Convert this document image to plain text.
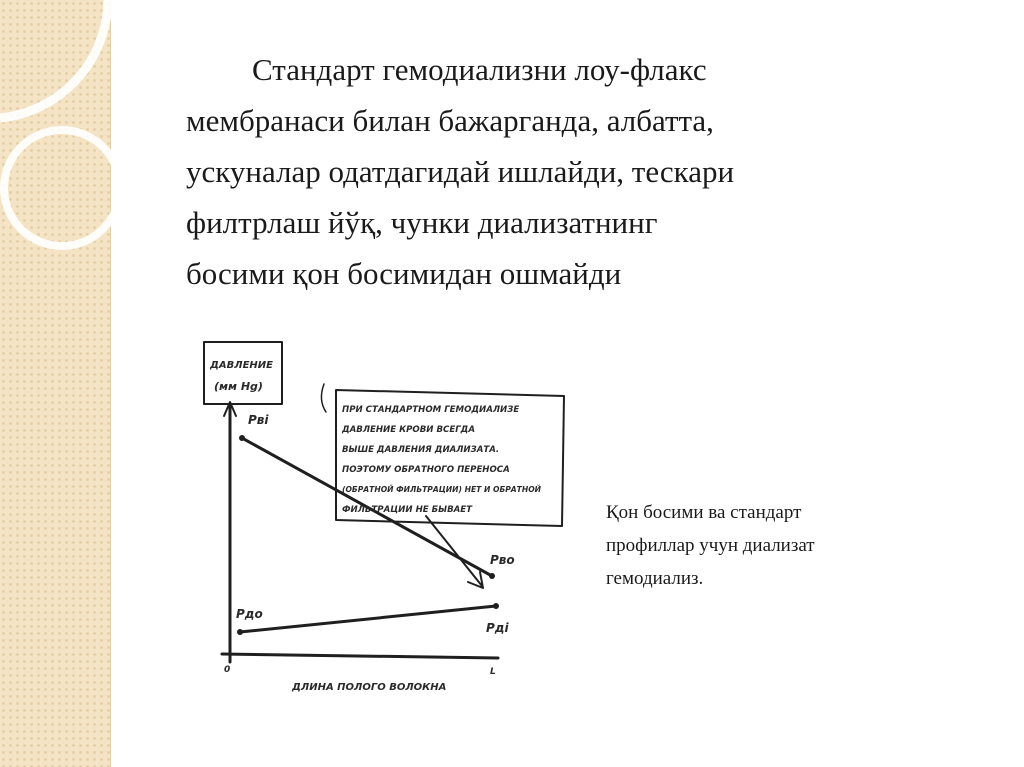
Стандарт гемодиализни лоу-флакс
мембранаси билан бажарганда, албатта,
ускуналар одатдагидай ишлайди, тескари
филтрлаш йўқ, чунки диализатнинг
босими қон босимидан ошмайди

ДАВЛЕНИЕ
(мм Hg)
Pвi
Pво
Pдо
Pдi
ПРИ СТАНДАРТНОМ ГЕМОДИАЛИЗЕ
ДАВЛЕНИЕ КРОВИ ВСЕГДА
ВЫШЕ ДАВЛЕНИЯ ДИАЛИЗАТА.
ПОЭТОМУ ОБРАТНОГО ПЕРЕНОСА
(ОБРАТНОЙ ФИЛЬТРАЦИИ) НЕТ И ОБРАТНОЙ
ФИЛЬТРАЦИИ НЕ БЫВАЕТ
0	L
ДЛИНА ПОЛОГО ВОЛОКНА

Қон босими ва стандарт
профиллар учун диализат
гемодиализ.
